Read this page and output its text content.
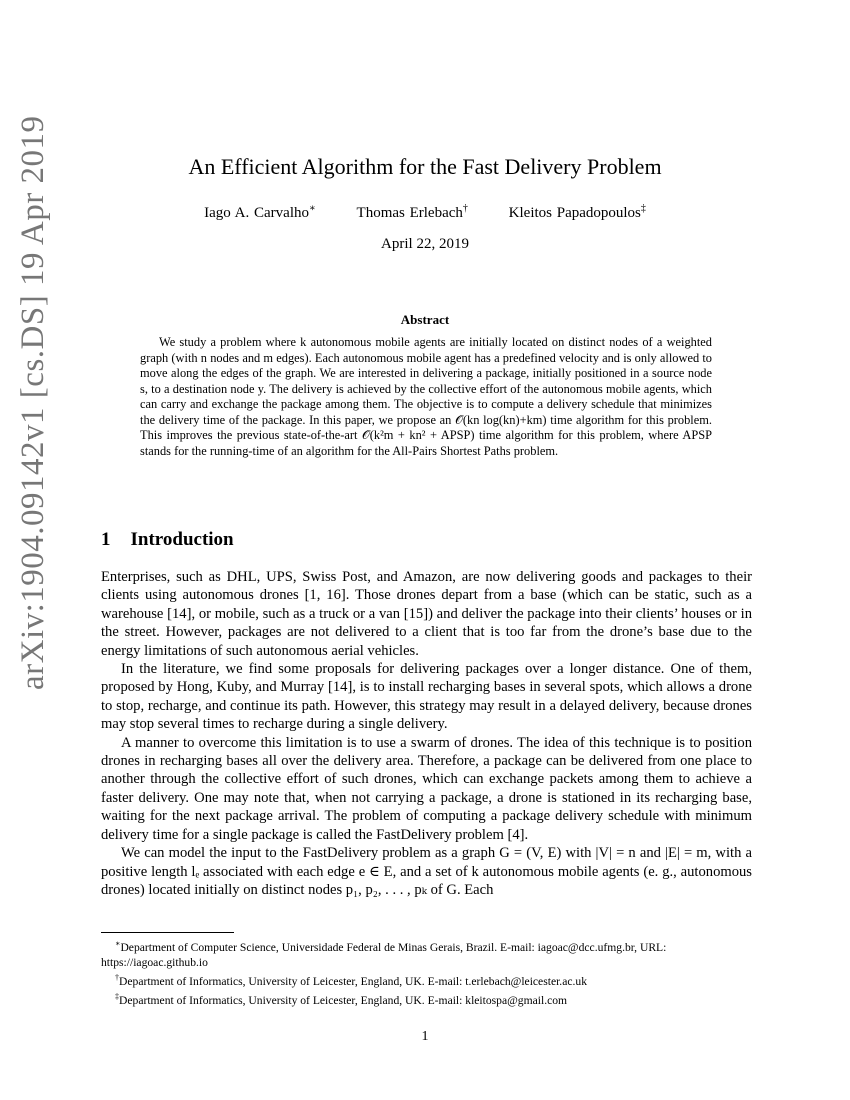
arXiv:1904.09142v1 [cs.DS] 19 Apr 2019	An Efficient Algorithm for the Fast Delivery Problem
Iago A. Carvalho∗	Thomas Erlebach†	Kleitos Papadopoulos‡
April 22, 2019
Abstract

We study a problem where k autonomous mobile agents are initially located on distinct nodes of a weighted graph (with n nodes and m edges). Each autonomous mobile agent has a predefined velocity and is only allowed to move along the edges of the graph. We are interested in delivering a package, initially positioned in a source node s, to a destination node y. The delivery is achieved by the collective effort of the autonomous mobile agents, which can carry and exchange the package among them. The objective is to compute a delivery schedule that minimizes the delivery time of the package. In this paper, we propose an 𝒪(kn log(kn)+km) time algorithm for this problem. This improves the previous state-of-the-art 𝒪(k²m + kn² + APSP) time algorithm for this problem, where APSP stands for the running-time of an algorithm for the All-Pairs Shortest Paths problem.

1 Introduction

Enterprises, such as DHL, UPS, Swiss Post, and Amazon, are now delivering goods and packages to their clients using autonomous drones [1, 16]. Those drones depart from a base (which can be static, such as a warehouse [14], or mobile, such as a truck or a van [15]) and deliver the package into their clients’ houses or in the street. However, packages are not delivered to a client that is too far from the drone’s base due to the energy limitations of such autonomous aerial vehicles.

In the literature, we find some proposals for delivering packages over a longer distance. One of them, proposed by Hong, Kuby, and Murray [14], is to install recharging bases in several spots, which allows a drone to stop, recharge, and continue its path. However, this strategy may result in a delayed delivery, because drones may stop several times to recharge during a single delivery.

A manner to overcome this limitation is to use a swarm of drones. The idea of this technique is to position drones in recharging bases all over the delivery area. Therefore, a package can be delivered from one place to another through the collective effort of such drones, which can exchange packets among them to achieve a faster delivery. One may note that, when not carrying a package, a drone is stationed in its recharging base, waiting for the next package arrival. The problem of computing a package delivery schedule with minimum delivery time for a single package is called the FastDelivery problem [4].

We can model the input to the FastDelivery problem as a graph G = (V, E) with |V| = n and |E| = m, with a positive length lₑ associated with each edge e ∈ E, and a set of k autonomous mobile agents (e. g., autonomous drones) located initially on distinct nodes p₁, p₂, . . . , pₖ of G. Each

∗Department of Computer Science, Universidade Federal de Minas Gerais, Brazil. E-mail: iagoac@dcc.ufmg.br, URL: https://iagoac.github.io

†Department of Informatics, University of Leicester, England, UK. E-mail: t.erlebach@leicester.ac.uk

‡Department of Informatics, University of Leicester, England, UK. E-mail: kleitospa@gmail.com

1
